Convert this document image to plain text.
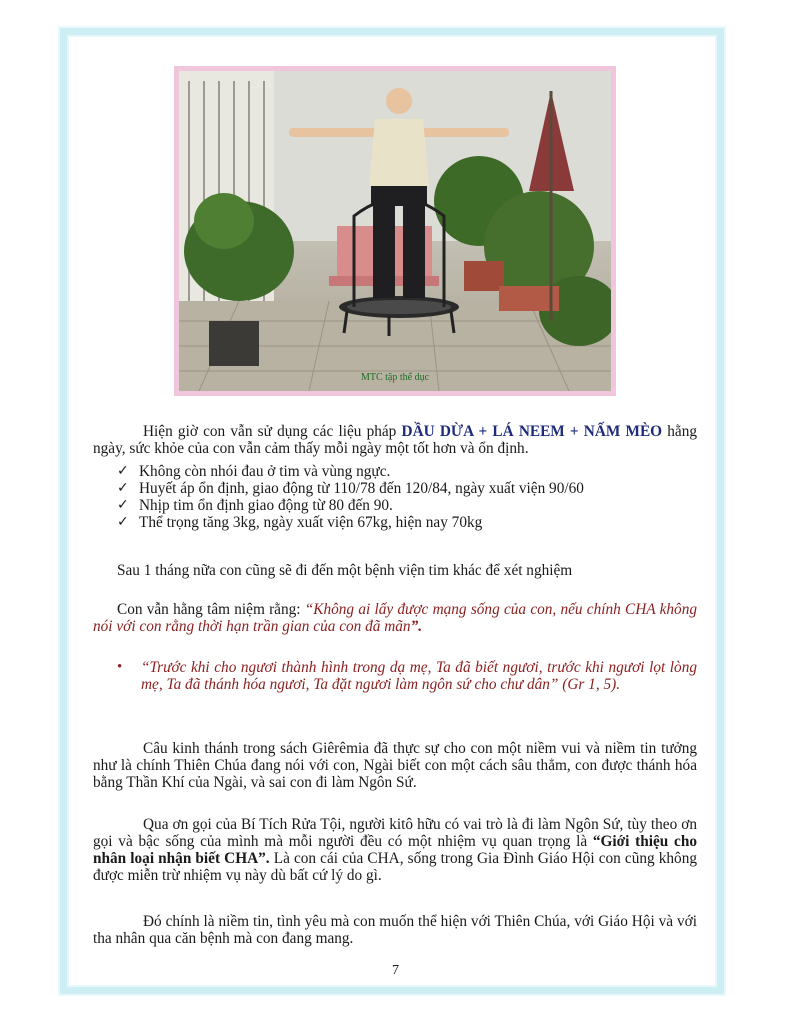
MTC tập thể dục
Hiện giờ con vẫn sử dụng các liệu pháp DẦU DỪA + LÁ NEEM + NẤM MÈO hằng ngày, sức khỏe của con vẫn cảm thấy mỗi ngày một tốt hơn và ổn định.
✓ Không còn nhói đau ở tim và vùng ngực.
✓ Huyết áp ổn định, giao động từ 110/78 đến 120/84, ngày xuất viện 90/60
✓ Nhịp tim ổn định giao động từ 80 đến 90.
✓ Thể trọng tăng 3kg, ngày xuất viện 67kg, hiện nay 70kg
Sau 1 tháng nữa con cũng sẽ đi đến một bệnh viện tim khác để xét nghiệm
Con vẫn hằng tâm niệm rằng: “Không ai lấy được mạng sống của con, nếu chính CHA không nói với con rằng thời hạn trần gian của con đã mãn”.
• “Trước khi cho ngươi thành hình trong dạ mẹ, Ta đã biết ngươi, trước khi ngươi lọt lòng mẹ, Ta đã thánh hóa ngươi, Ta đặt ngươi làm ngôn sứ cho chư dân” (Gr 1, 5).
Câu kinh thánh trong sách Giêrêmia đã thực sự cho con một niềm vui và niềm tin tưởng như là chính Thiên Chúa đang nói với con, Ngài biết con một cách sâu thẳm, con được thánh hóa bằng Thần Khí của Ngài, và sai con đi làm Ngôn Sứ.
Qua ơn gọi của Bí Tích Rửa Tội, người kitô hữu có vai trò là đi làm Ngôn Sứ, tùy theo ơn gọi và bậc sống của mình mà mỗi người đều có một nhiệm vụ quan trọng là “Giới thiệu cho nhân loại nhận biết CHA”. Là con cái của CHA, sống trong Gia Đình Giáo Hội con cũng không được miễn trừ nhiệm vụ này dù bất cứ lý do gì.
Đó chính là niềm tin, tình yêu mà con muốn thể hiện với Thiên Chúa, với Giáo Hội và với tha nhân qua căn bệnh mà con đang mang.
7
